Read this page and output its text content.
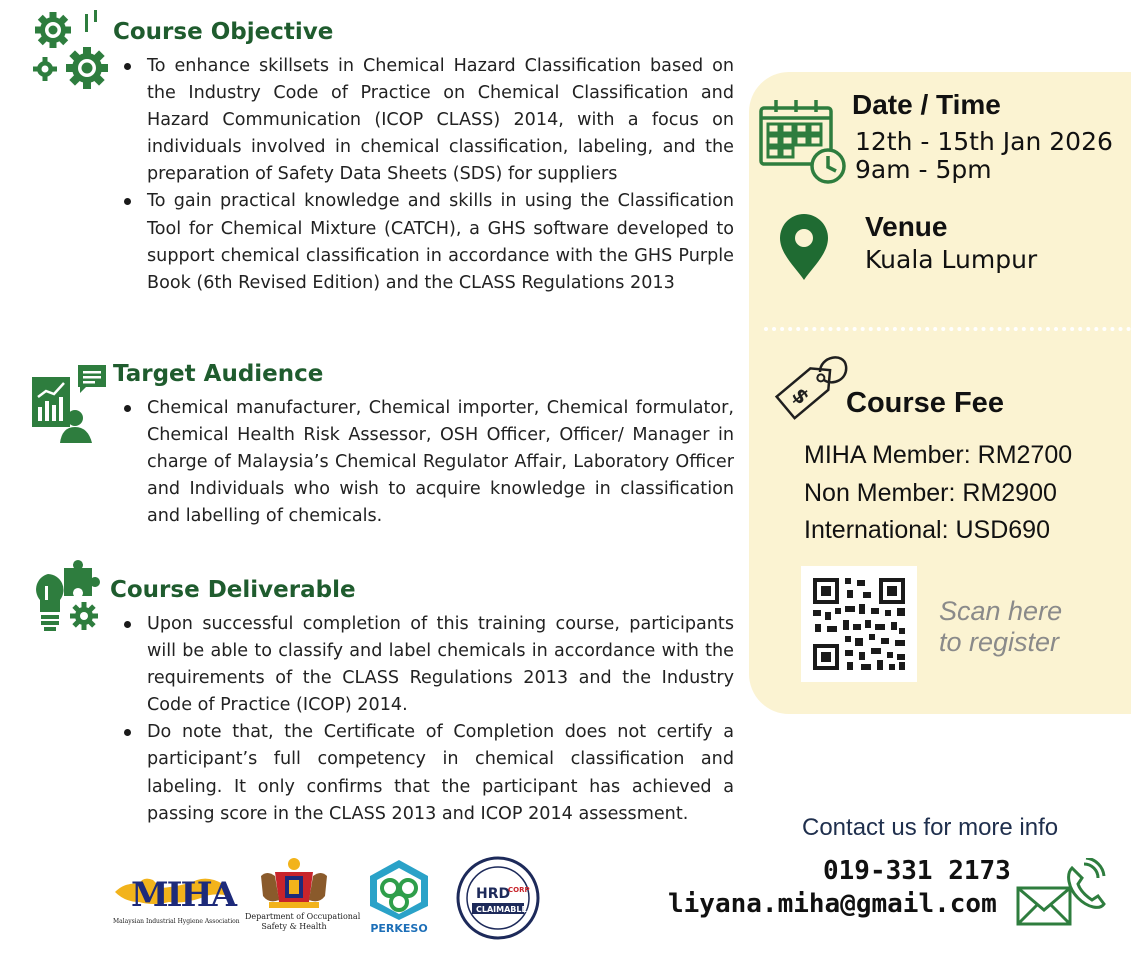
Course Objective
To enhance skillsets in Chemical Hazard Classification based on the Industry Code of Practice on Chemical Classification and Hazard Communication (ICOP CLASS) 2014, with a focus on individuals involved in chemical classification, labeling, and the preparation of Safety Data Sheets (SDS) for suppliers
To gain practical knowledge and skills in using the Classification Tool for Chemical Mixture (CATCH), a GHS software developed to support chemical classification in accordance with the GHS Purple Book (6th Revised Edition) and the CLASS Regulations 2013
Target Audience
Chemical manufacturer, Chemical importer, Chemical formulator, Chemical Health Risk Assessor, OSH Officer, Officer/ Manager in charge of Malaysia’s Chemical Regulator Affair, Laboratory Officer and Individuals who wish to acquire knowledge in classification and labelling of chemicals.
Course Deliverable
Upon successful completion of this training course, participants will be able to classify and label chemicals in accordance with the requirements of the CLASS Regulations 2013 and the Industry Code of Practice (ICOP) 2014.
Do note that, the Certificate of Completion does not certify a participant’s full competency in chemical classification and labeling. It only confirms that the participant has achieved a passing score in the CLASS 2013 and ICOP 2014 assessment.
Date / Time
12th - 15th Jan 2026
9am - 5pm
Venue
Kuala Lumpur
$ Course Fee
MIHA Member: RM2700
Non Member: RM2900
International: USD690
Scan here
to register
Contact us for more info
019-331 2173
liyana.miha@gmail.com
MIHA
Malaysian Industrial Hygiene Association
Department of Occupational
Safety & Health	PERKESO
HRD
CORP
CLAIMABLE
